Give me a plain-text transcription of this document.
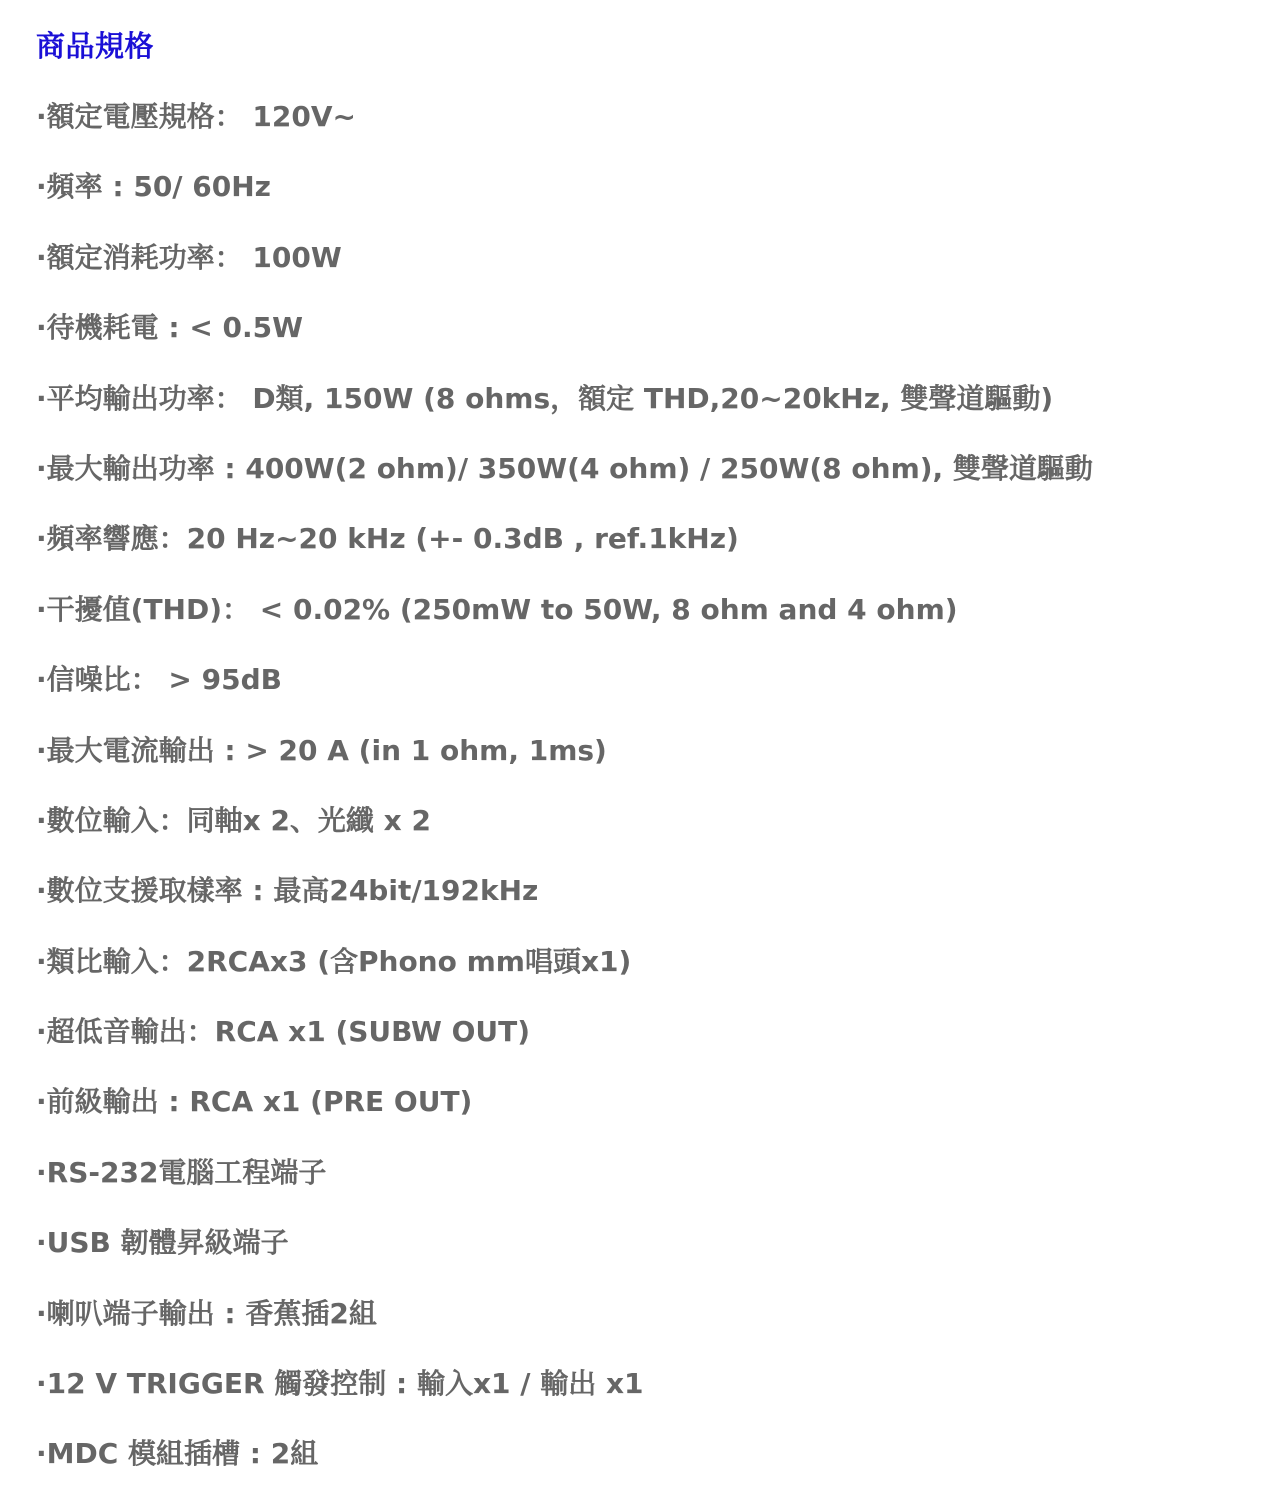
商品規格
· 額定電壓規格： 120V~
· 頻率 : 50/ 60Hz
· 額定消耗功率： 100W
· 待機耗電 : < 0.5W
· 平均輸出功率： D類, 150W (8 ohms，額定 THD,20~20kHz, 雙聲道驅動)
· 最大輸出功率 : 400W(2 ohm)/ 350W(4 ohm) / 250W(8 ohm), 雙聲道驅動
· 頻率響應：20 Hz~20 kHz (+- 0.3dB , ref.1kHz)
· 干擾值(THD)： < 0.02% (250mW to 50W, 8 ohm and 4 ohm)
· 信噪比： > 95dB
· 最大電流輸出 : > 20 A (in 1 ohm, 1ms)
· 數位輸入：同軸x 2、光纖 x 2
· 數位支援取樣率 : 最高24bit/192kHz
· 類比輸入：2RCAx3 (含Phono mm唱頭x1)
· 超低音輸出：RCA x1 (SUBW OUT)
· 前級輸出 : RCA x1 (PRE OUT)
· RS-232電腦工程端子
· USB 韌體昇級端子
· 喇叭端子輸出 : 香蕉插2組
· 12 V TRIGGER 觸發控制 : 輸入x1 / 輸出 x1
· MDC 模組插槽 : 2組
